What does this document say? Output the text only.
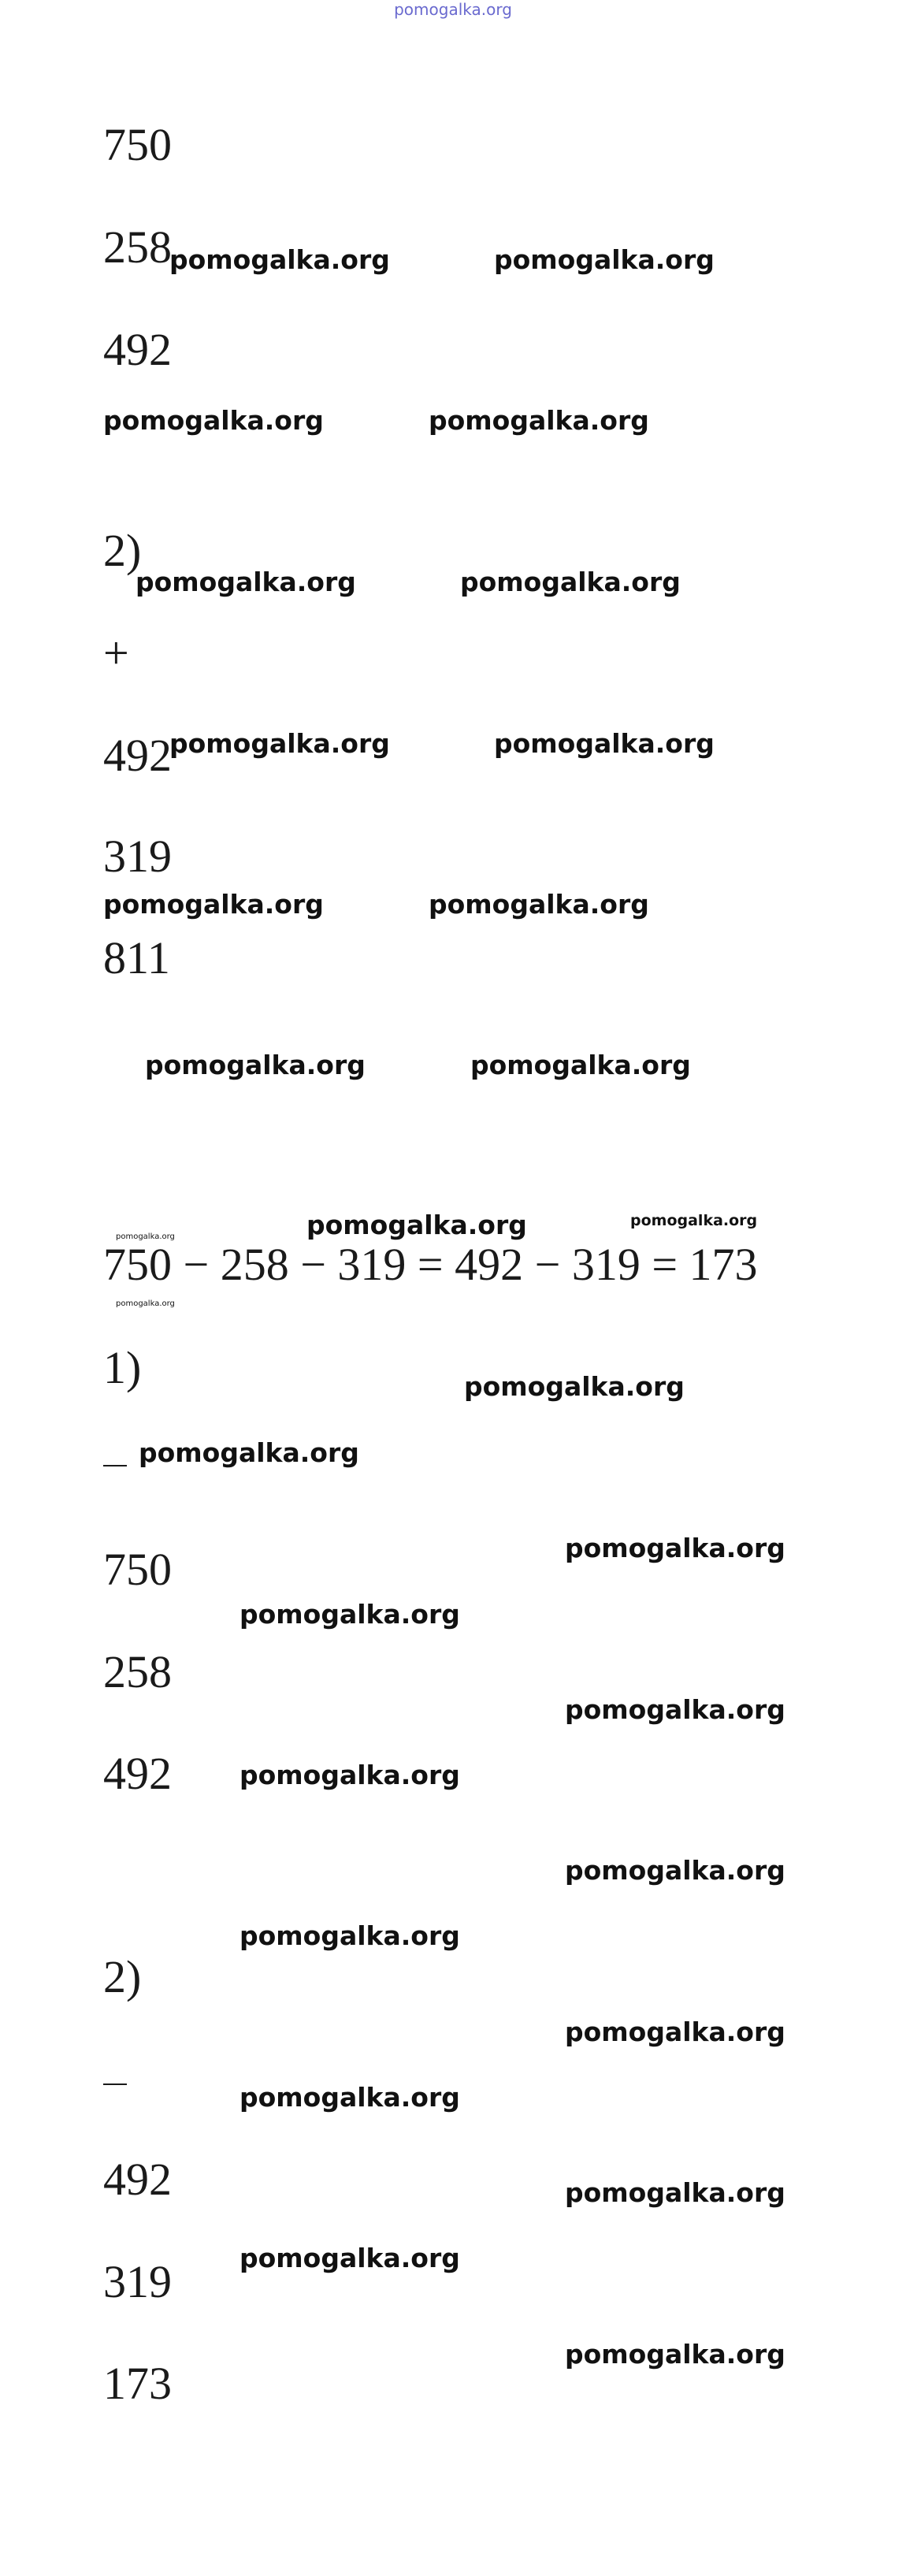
pomogalka.org
750
258
492
2)
+
492
319
811
750 − 258 − 319 = 492 − 319 = 173
1)
750
258
492
2)
492
319
173
pomogalka.org	pomogalka.org
pomogalka.org	pomogalka.org
pomogalka.org	pomogalka.org
pomogalka.org	pomogalka.org
pomogalka.org	pomogalka.org
pomogalka.org	pomogalka.org
pomogalka.org	pomogalka.org
pomogalka.org
pomogalka.org
pomogalka.org
pomogalka.org
pomogalka.org
pomogalka.org
pomogalka.org
pomogalka.org
pomogalka.org
pomogalka.org
pomogalka.org
pomogalka.org
pomogalka.org
pomogalka.org
pomogalka.org
